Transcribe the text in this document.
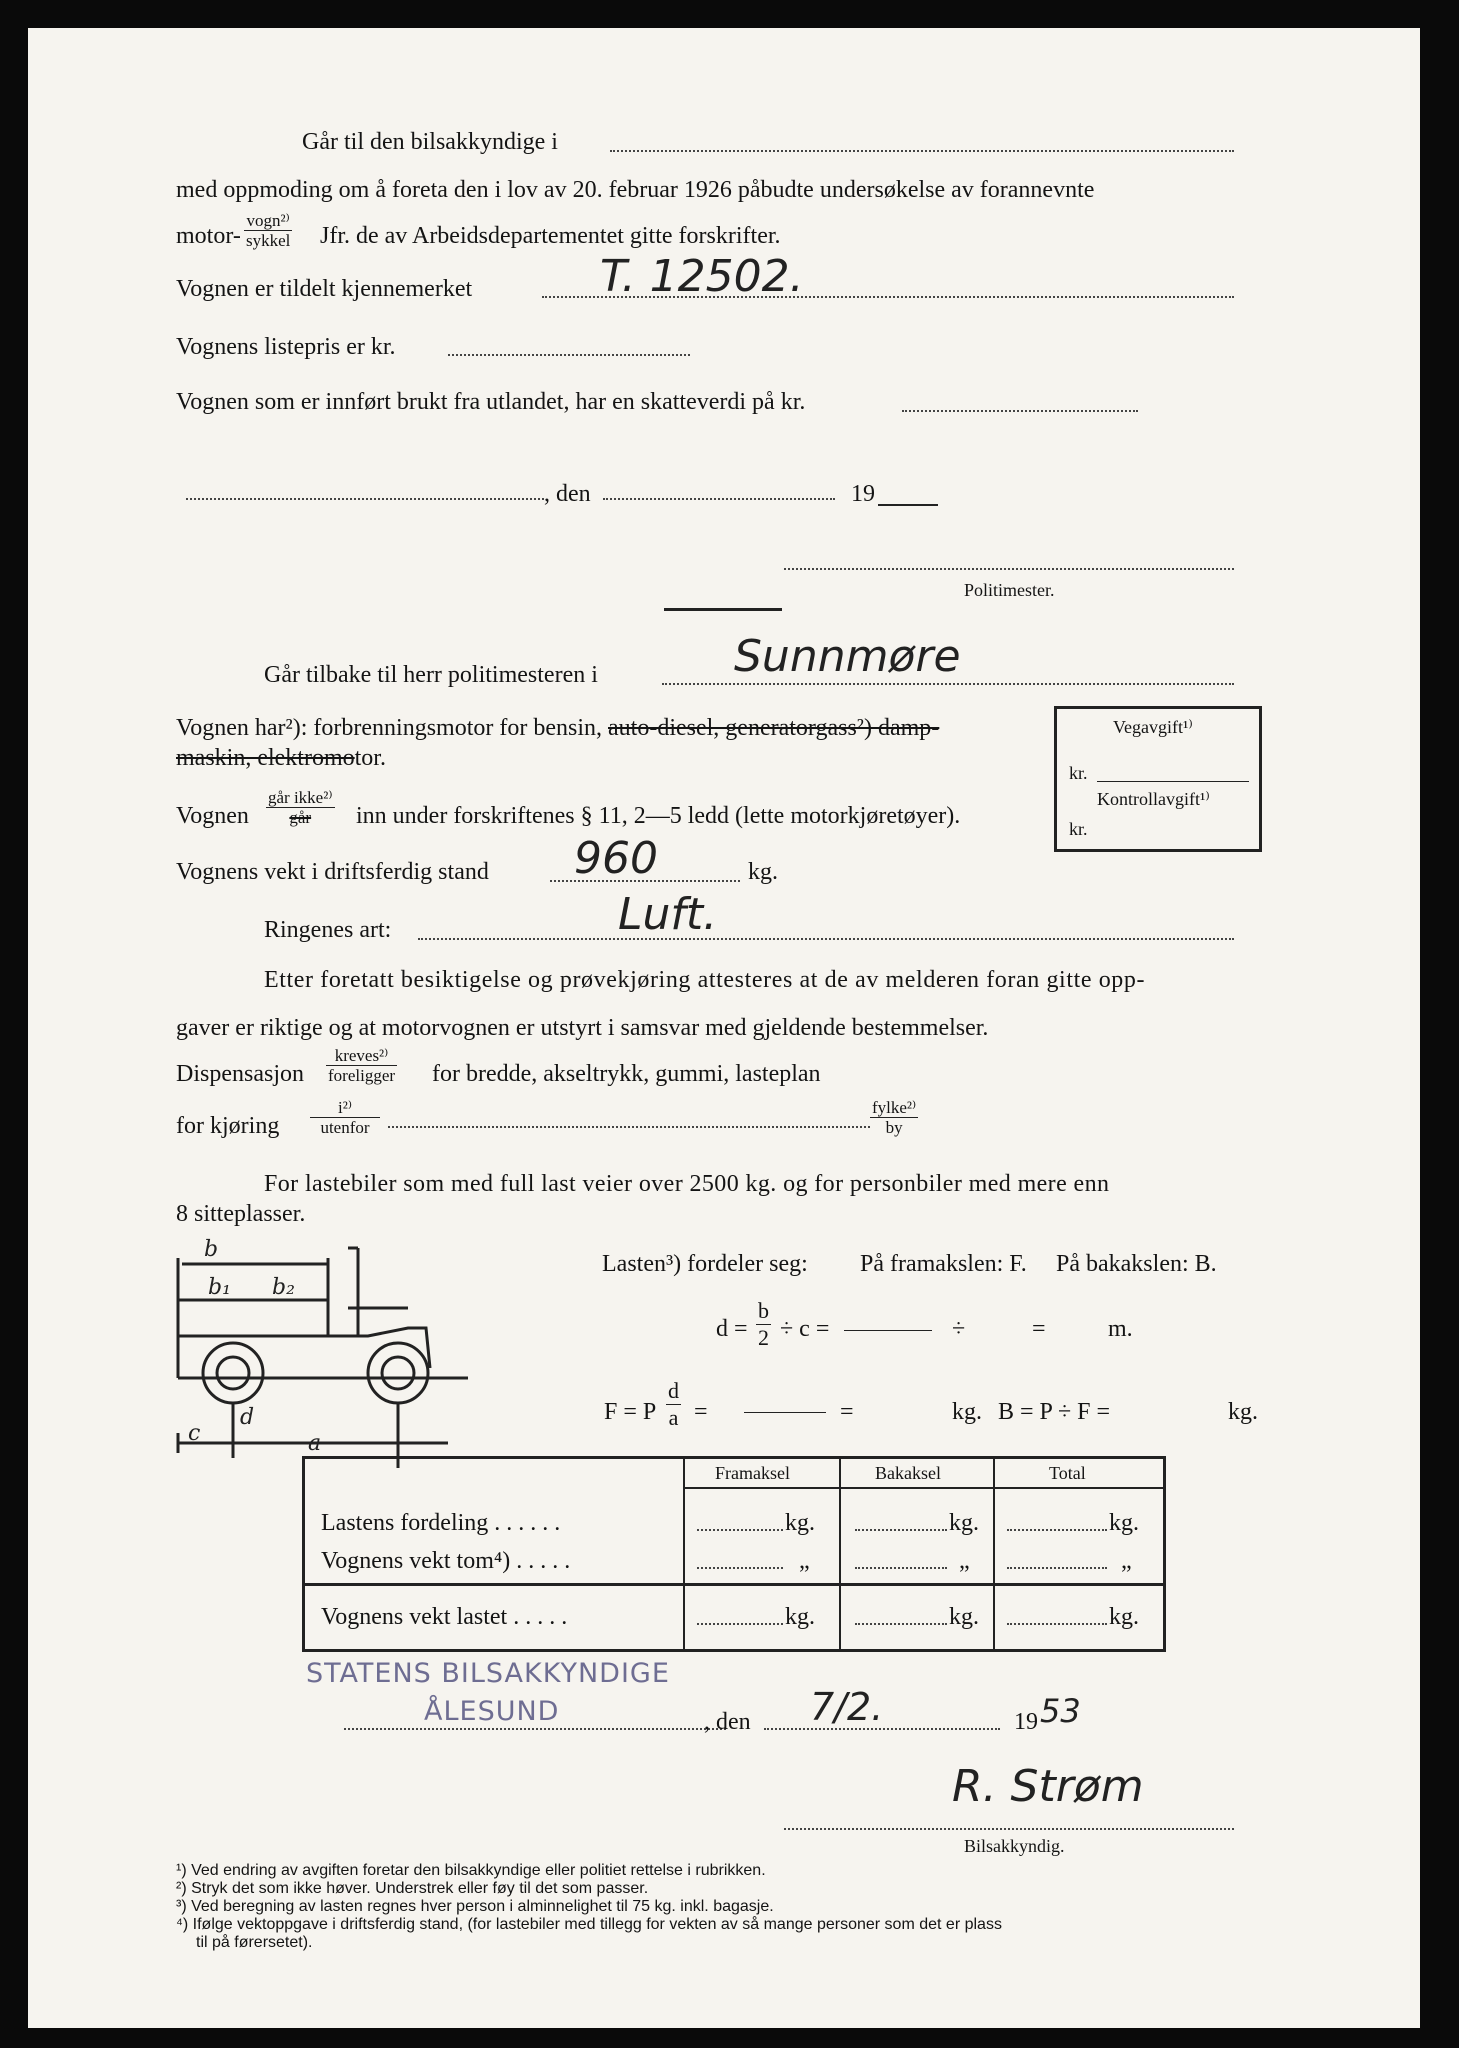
Går til den bilsakkyndige i
med oppmoding om å foreta den i lov av 20. februar 1926 påbudte undersøkelse av forannevnte
motor-
vogn²⁾
sykkel Jfr. de av Arbeidsdepartementet gitte forskrifter.
Vognen er tildelt kjennemerket	T. 12502.
Vognens listepris er kr.
Vognen som er innført brukt fra utlandet, har en skatteverdi på kr.
, den	19
Politimester.
Går tilbake til herr politimesteren i	Sunnmøre
Vognen har²): forbrenningsmotor for bensin, auto-diesel, generatorgass²) damp-
maskin, elektromotor.
Vognen
går ikke²⁾
går	inn under forskriftenes § 11, 2—5 ledd (lette motorkjøretøyer).
Vognens vekt i driftsferdig stand 960	kg.
Ringenes art:	Luft.
Vegavgift¹⁾
kr.
Kontrollavgift¹⁾
kr.
Etter foretatt besiktigelse og prøvekjøring attesteres at de av melderen foran gitte opp-
gaver er riktige og at motorvognen er utstyrt i samsvar med gjeldende bestemmelser.
Dispensasjon
kreves²⁾
foreligger for bredde, akseltrykk, gummi, lasteplan
for kjøring
i²⁾
utenfor
fylke²⁾
by
For lastebiler som med full last veier over 2500 kg. og for personbiler med mere enn
8 sitteplasser.
b
b₁ b₂
c
d
a
Lasten³) fordeler seg: På framakslen: F. På bakakslen: B.
$d = \frac{b}{2} \div c$ =	÷	=	m.
F = P $\frac{d}{a}$ =	=	kg. B = P ÷ F =	kg.
Framaksel	Bakaksel	Total
Lastens fordeling . . . . . .	kg.	kg.	kg.
Vognens vekt tom⁴) . . . . .	„	„	„
Vognens vekt lastet . . . . .	kg.	kg.	kg.
STATENS BILSAKKYNDIGE
ÅLESUND	, den 7/2.	19 53
R. Strøm
Bilsakkyndig.
¹) Ved endring av avgiften foretar den bilsakkyndige eller politiet rettelse i rubrikken.
²) Stryk det som ikke høver. Understrek eller føy til det som passer.
³) Ved beregning av lasten regnes hver person i alminnelighet til 75 kg. inkl. bagasje.
⁴) Ifølge vektoppgave i driftsferdig stand, (for lastebiler med tillegg for vekten av så mange personer som det er plass
til på førersetet).
